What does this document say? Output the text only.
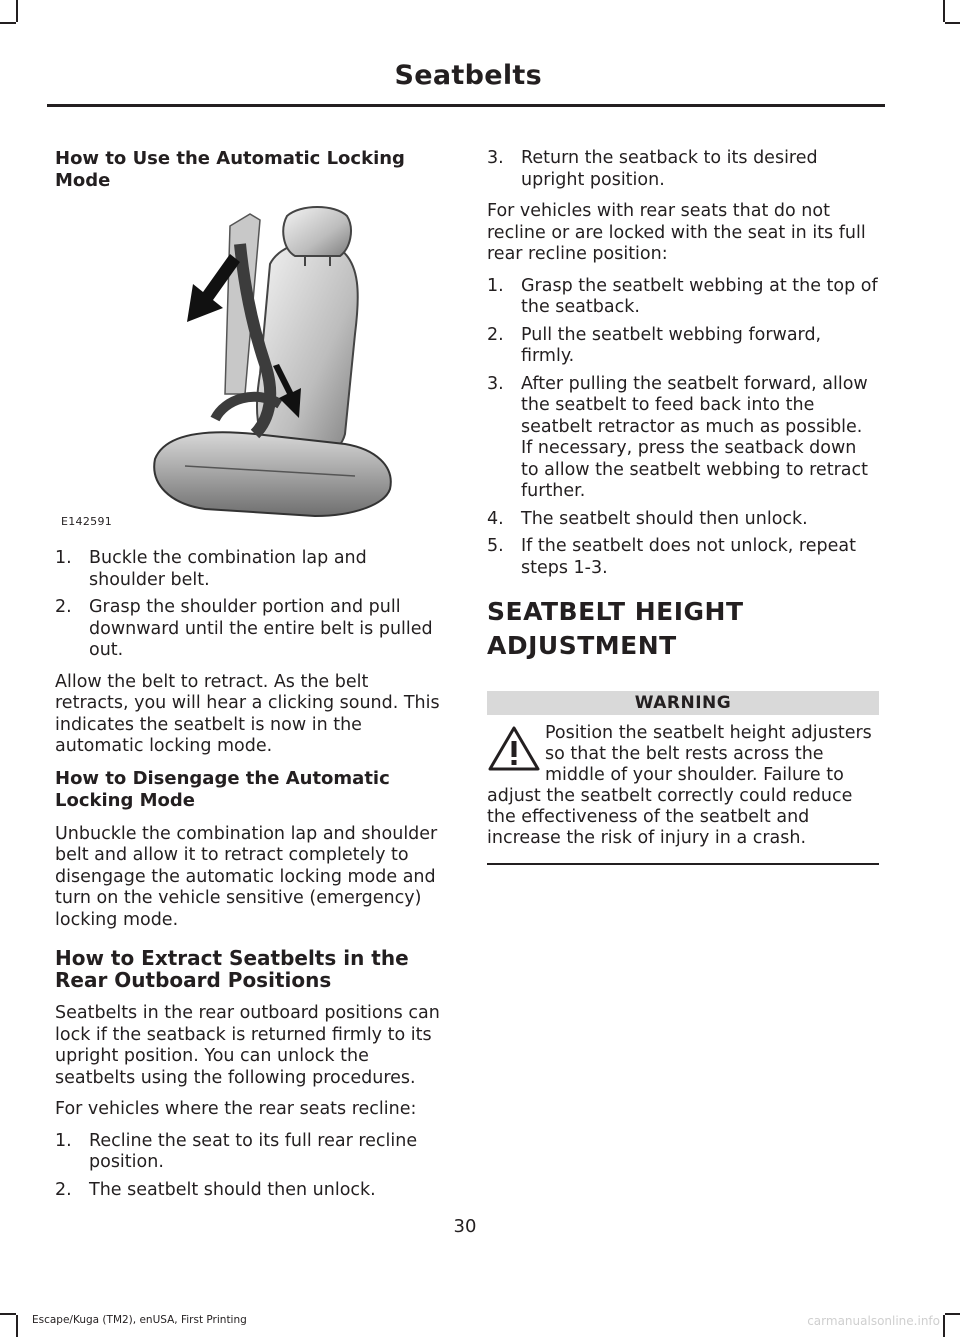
Seatbelts
How to Use the Automatic Locking Mode
E142591
1. Buckle the combination lap and shoulder belt.
2. Grasp the shoulder portion and pull downward until the entire belt is pulled out.
Allow the belt to retract. As the belt retracts, you will hear a clicking sound. This indicates the seatbelt is now in the automatic locking mode.
How to Disengage the Automatic Locking Mode
Unbuckle the combination lap and shoulder belt and allow it to retract completely to disengage the automatic locking mode and turn on the vehicle sensitive (emergency) locking mode.
How to Extract Seatbelts in the Rear Outboard Positions
Seatbelts in the rear outboard positions can lock if the seatback is returned firmly to its upright position. You can unlock the seatbelts using the following procedures.
For vehicles where the rear seats recline:
1. Recline the seat to its full rear recline position.
2. The seatbelt should then unlock.
3. Return the seatback to its desired upright position.
For vehicles with rear seats that do not recline or are locked with the seat in its full rear recline position:
1. Grasp the seatbelt webbing at the top of the seatback.
2. Pull the seatbelt webbing forward, firmly.
3. After pulling the seatbelt forward, allow the seatbelt to feed back into the seatbelt retractor as much as possible. If necessary, press the seatback down to allow the seatbelt webbing to retract further.
4. The seatbelt should then unlock.
5. If the seatbelt does not unlock, repeat steps 1-3.
SEATBELT HEIGHT
ADJUSTMENT
WARNING
Position the seatbelt height adjusters so that the belt rests across the middle of your shoulder. Failure to adjust the seatbelt correctly could reduce the effectiveness of the seatbelt and increase the risk of injury in a crash.
30
Escape/Kuga (TM2), enUSA, First Printing	carmanualsonline.info
